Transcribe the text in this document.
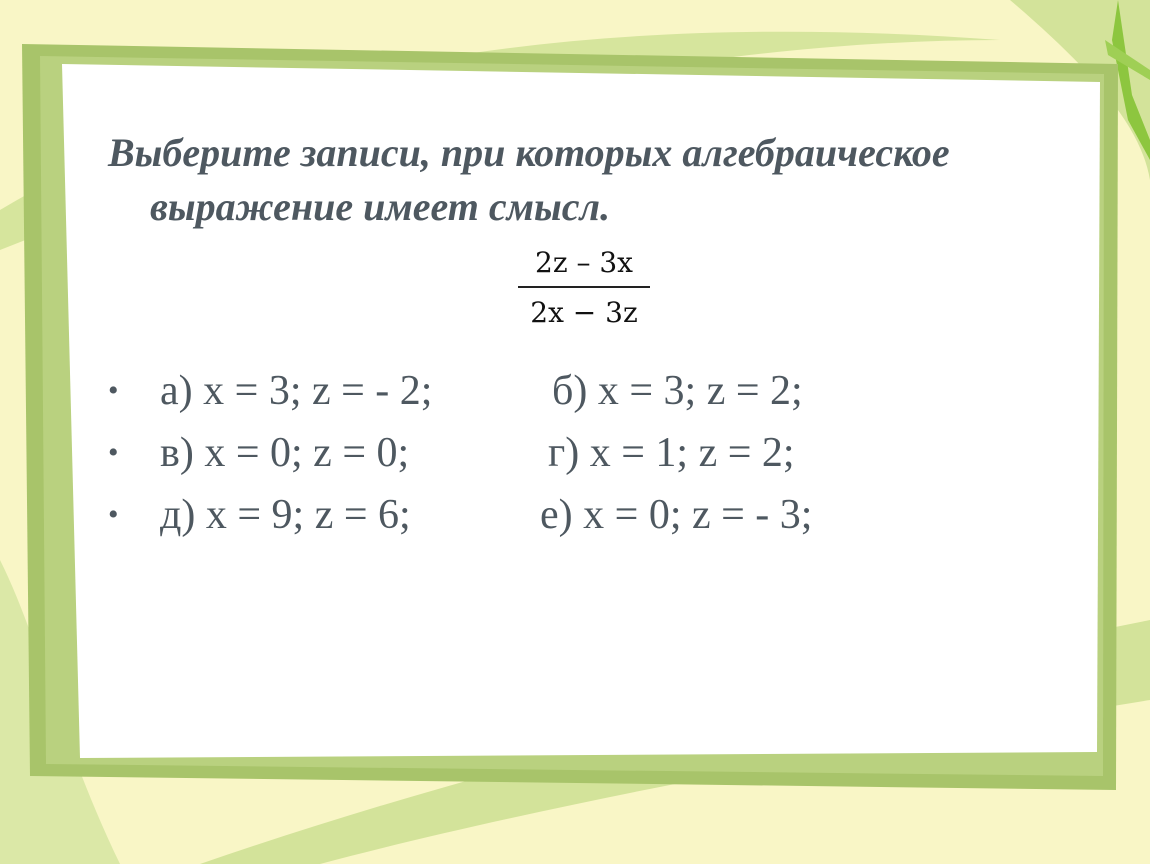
Выберите записи, при которых алгебраическое
выражение имеет смысл.
$\frac{2z - 3x}{2x - 3z}$
• а) x = 3; z = - 2;	б) x = 3; z = 2;
• в) x = 0; z = 0;	г) x = 1; z = 2;
• д) x = 9; z = 6;	е) x = 0; z = - 3;
